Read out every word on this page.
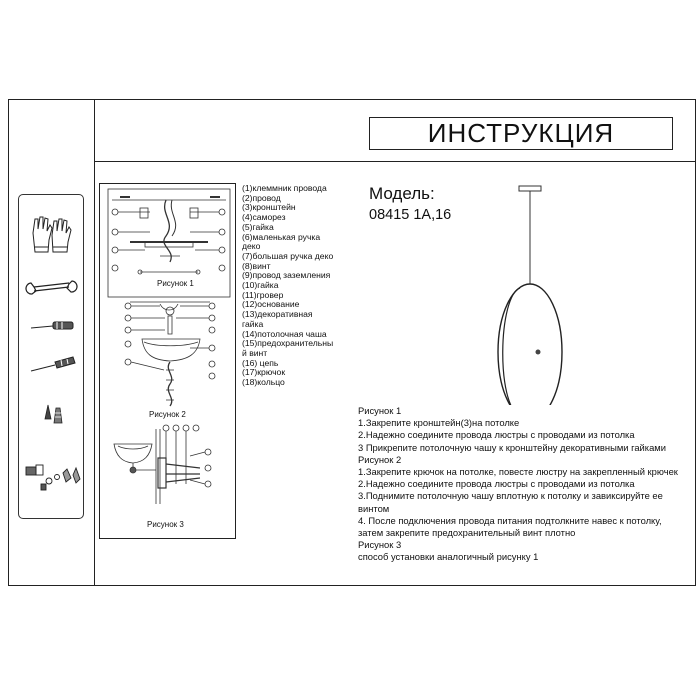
ИНСТРУКЦИЯ
Рисунок 1
Рисунок 2
Рисунок 3
(1)клеммник провода
(2)провод
(3)кронштейн
(4)саморез
(5)гайка
(6)маленькая ручка
деко
(7)большая ручка деко
(8)винт
(9)провод заземления
(10)гайка
(11)гровер
(12)основание
(13)декоративная
гайка
(14)потолочная чаша
(15)предохранительны
й винт
(16) цепь
(17)крючок
(18)кольцо
Модель:
08415 1А,16
Рисунок 1
1.Закрепите кронштейн(3)на потолке
2.Надежно соедините провода люстры с проводами из потолка
3 Прикрепите потолочную чашу к кронштейну декоративными гайками
Рисунок 2
1.Закрепите крючок на потолке, повесте люстру на закрепленный крючек
2.Надежно соедините провода люстры с проводами из потолка
3.Поднимите потолочную чашу вплотную к потолку и завиксируйте ее
винтом
4. После подключения провода питания подтолкните навес к потолку,
затем закрепите предохранительный винт плотно
Рисунок 3
способ установки аналогичный рисунку 1
